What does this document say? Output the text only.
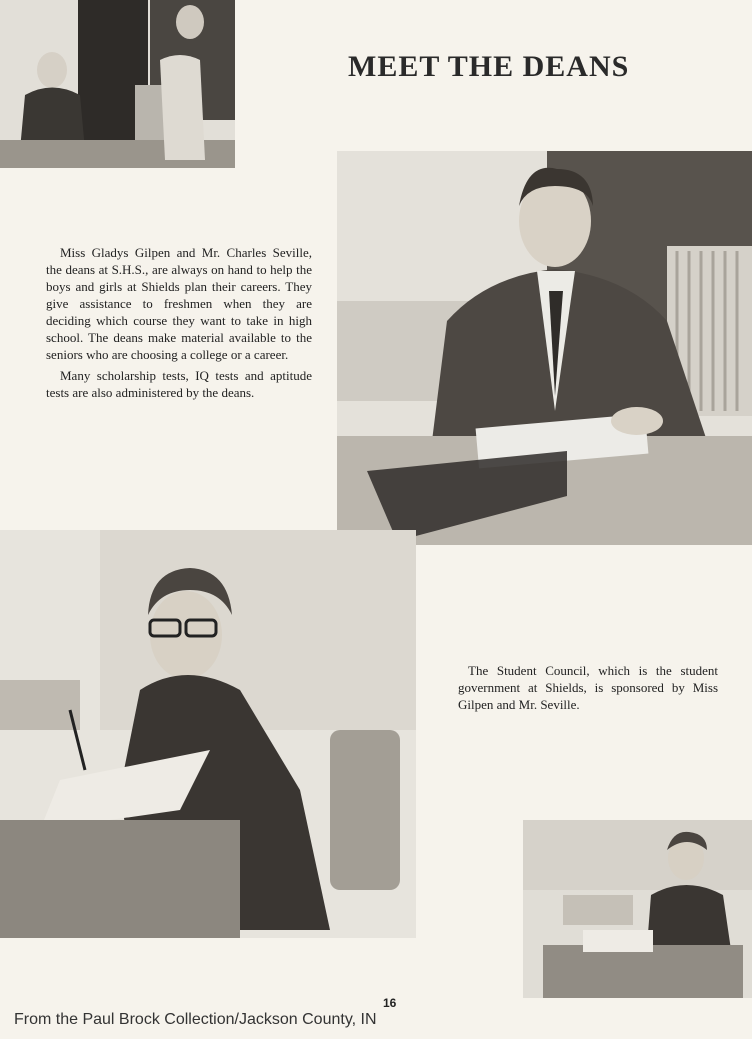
MEET THE DEANS

Miss Gladys Gilpen and Mr. Charles Seville, the deans at S.H.S., are always on hand to help the boys and girls at Shields plan their careers. They give assistance to freshmen when they are deciding which course they want to take in high school. The deans make material available to the seniors who are choosing a college or a career.

Many scholarship tests, IQ tests and aptitude tests are also administered by the deans.

The Student Council, which is the student government at Shields, is sponsored by Miss Gilpen and Mr. Seville.
16
From the Paul Brock Collection/Jackson County, IN
